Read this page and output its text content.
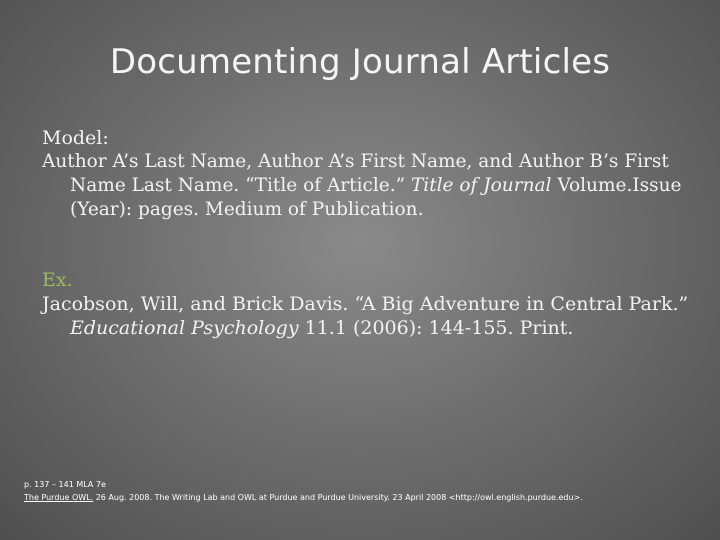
Documenting Journal Articles

Model:

Author A’s Last Name, Author A’s First Name, and Author B’s First Name Last Name. “Title of Article.” Title of Journal Volume.Issue (Year): pages. Medium of Publication.

Ex.

Jacobson, Will, and Brick Davis. “A Big Adventure in Central Park.” Educational Psychology 11.1 (2006): 144-155. Print.

p. 137 – 141 MLA 7e

The Purdue OWL. 26 Aug. 2008. The Writing Lab and OWL at Purdue and Purdue University. 23 April 2008 <http://owl.english.purdue.edu>.
